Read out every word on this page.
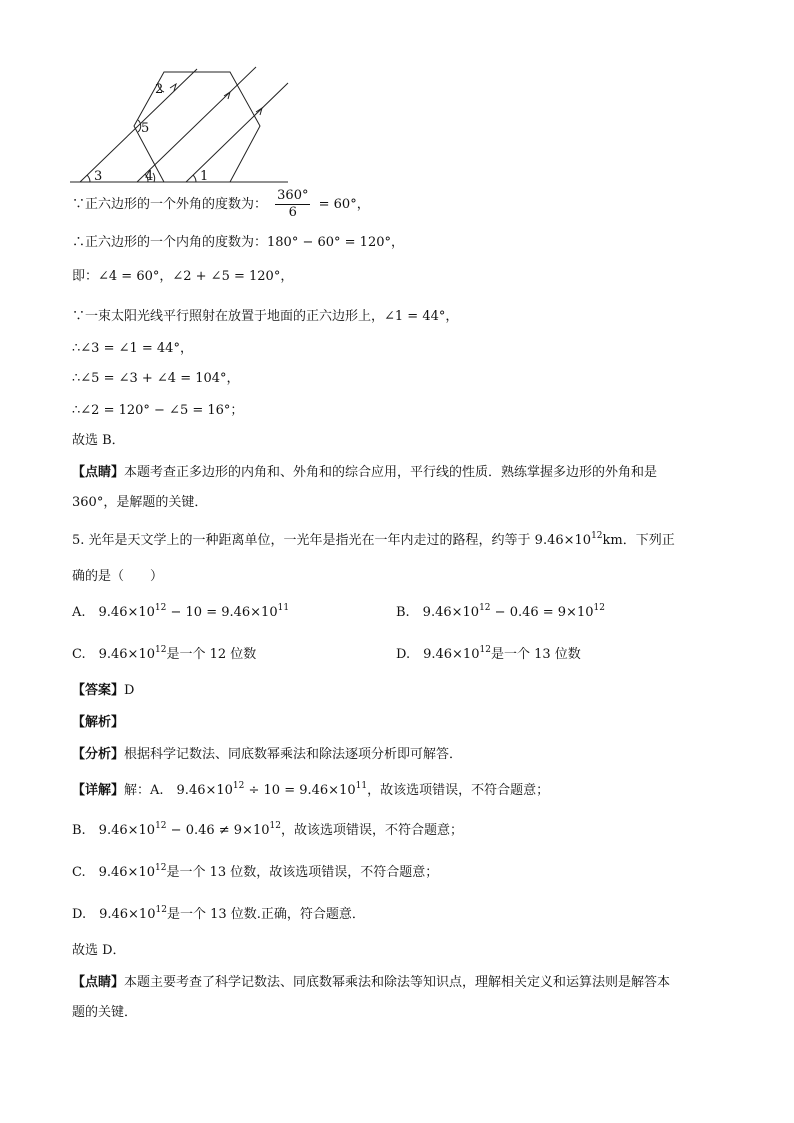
2
5
3	4	1
∵正六边形的一个外角的度数为： $\frac{360^\circ}{6} = 60^\circ$，
∴正六边形的一个内角的度数为：180° − 60° = 120°，
即：∠4 = 60°，∠2 + ∠5 = 120°，
∵一束太阳光线平行照射在放置于地面的正六边形上，∠1 = 44°，
∴∠3 = ∠1 = 44°，
∴∠5 = ∠3 + ∠4 = 104°，
∴∠2 = 120° − ∠5 = 16°；
故选 B．
【点睛】本题考查正多边形的内角和、外角和的综合应用，平行线的性质．熟练掌握多边形的外角和是
360°，是解题的关键．
5. 光年是天文学上的一种距离单位，一光年是指光在一年内走过的路程，约等于 $9.46\times 10^{12}km$．下列正
确的是（　　）
A.　$9.46\times 10^{12} - 10 = 9.46\times 10^{11}$	B.　$9.46\times 10^{12} - 0.46 = 9\times 10^{12}$
C.　$9.46\times 10^{12}$是一个 12 位数	D.　$9.46\times 10^{12}$是一个 13 位数
【答案】D
【解析】
【分析】根据科学记数法、同底数幂乘法和除法逐项分析即可解答．
【详解】解：A.　$9.46\times 10^{12} \div 10 = 9.46\times 10^{11}$，故该选项错误，不符合题意；
B.　$9.46\times 10^{12} - 0.46 \ne 9\times 10^{12}$，故该选项错误，不符合题意；
C.　$9.46\times 10^{12}$是一个 13 位数，故该选项错误，不符合题意；
D.　$9.46\times 10^{12}$是一个 13 位数.正确，符合题意．
故选 D．
【点睛】本题主要考查了科学记数法、同底数幂乘法和除法等知识点，理解相关定义和运算法则是解答本
题的关键．
